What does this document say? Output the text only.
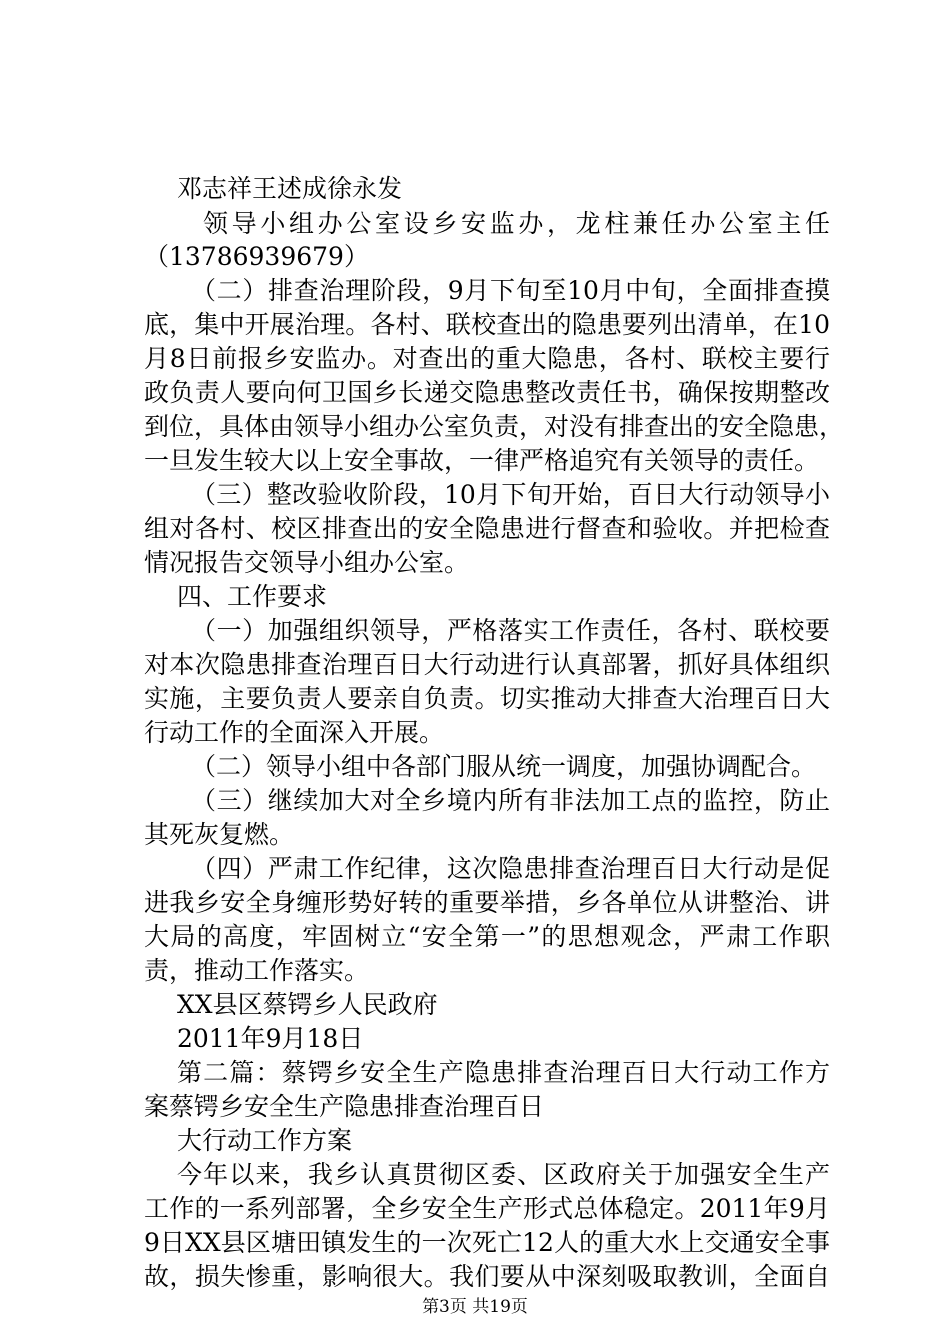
邓志祥王述成徐永发

领导小组办公室设乡安监办，龙柱兼任办公室主任

（13786939679）

（二）排查治理阶段，9月下旬至10月中旬，全面排查摸

底，集中开展治理。各村、联校查出的隐患要列出清单，在10

月8日前报乡安监办。对查出的重大隐患，各村、联校主要行

政负责人要向何卫国乡长递交隐患整改责任书，确保按期整改

到位，具体由领导小组办公室负责，对没有排查出的安全隐患，

一旦发生较大以上安全事故，一律严格追究有关领导的责任。

（三）整改验收阶段，10月下旬开始，百日大行动领导小

组对各村、校区排查出的安全隐患进行督查和验收。并把检查

情况报告交领导小组办公室。

四、工作要求

（一）加强组织领导，严格落实工作责任，各村、联校要

对本次隐患排查治理百日大行动进行认真部署，抓好具体组织

实施，主要负责人要亲自负责。切实推动大排查大治理百日大

行动工作的全面深入开展。

（二）领导小组中各部门服从统一调度，加强协调配合。

（三）继续加大对全乡境内所有非法加工点的监控，防止

其死灰复燃。

（四）严肃工作纪律，这次隐患排查治理百日大行动是促

进我乡安全身缠形势好转的重要举措，乡各单位从讲整治、讲

大局的高度，牢固树立“安全第一”的思想观念，严肃工作职

责，推动工作落实。

XX县区蔡锷乡人民政府

2011年9月18日

第二篇：蔡锷乡安全生产隐患排查治理百日大行动工作方

案蔡锷乡安全生产隐患排查治理百日

大行动工作方案

今年以来，我乡认真贯彻区委、区政府关于加强安全生产

工作的一系列部署，全乡安全生产形式总体稳定。2011年9月

9日XX县区塘田镇发生的一次死亡12人的重大水上交通安全事

故，损失惨重，影响很大。我们要从中深刻吸取教训，全面自

第3页 共19页
